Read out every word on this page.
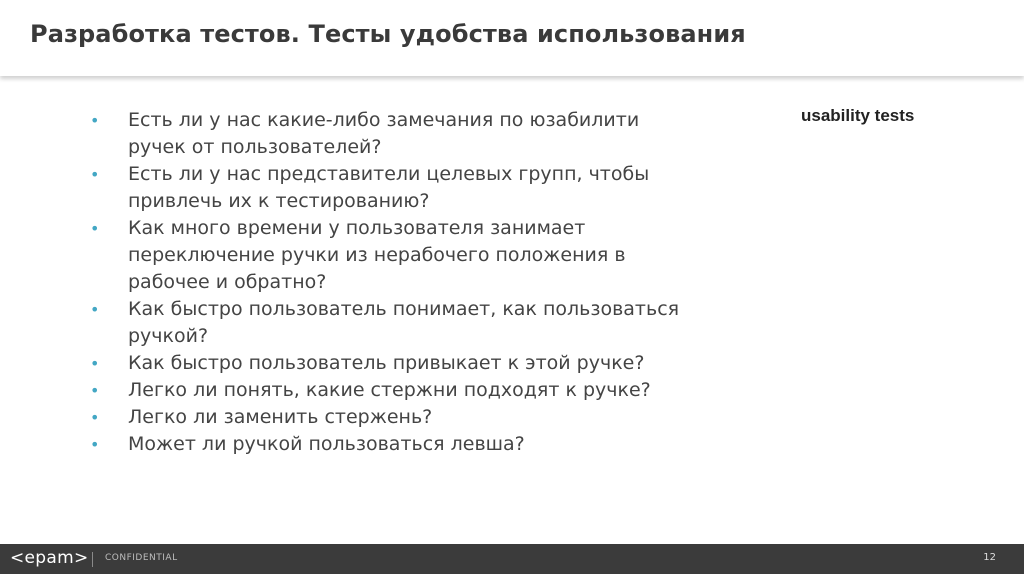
Разработка тестов. Тесты удобства использования
• Есть ли у нас какие-либо замечания по юзабилити ручек от пользователей?
• Есть ли у нас представители целевых групп, чтобы привлечь их к тестированию?
• Как много времени у пользователя занимает переключение ручки из нерабочего положения в рабочее и обратно?
• Как быстро пользователь понимает, как пользоваться ручкой?
• Как быстро пользователь привыкает к этой ручке?
• Легко ли понять, какие стержни подходят к ручке?
• Легко ли заменить стержень?
• Может ли ручкой пользоваться левша?
usability tests
<epam> CONFIDENTIAL	12
